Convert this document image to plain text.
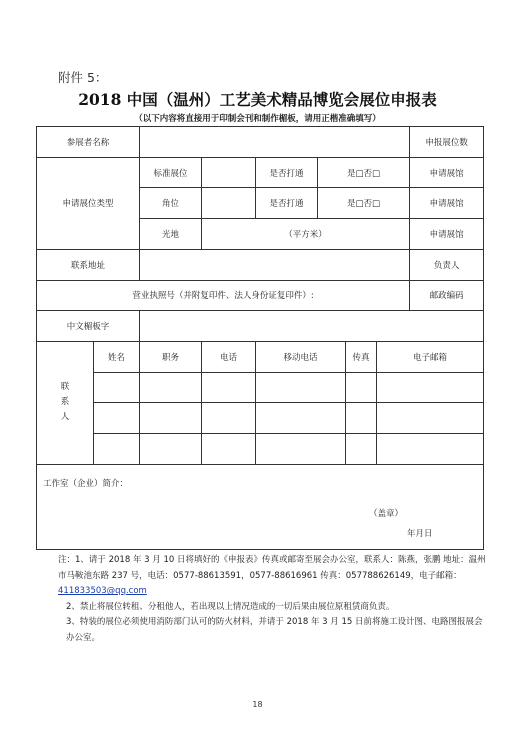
附件 5：
2018 中国（温州）工艺美术精品博览会展位申报表
（以下内容将直接用于印制会刊和制作楣板，请用正楷准确填写）
参展者名称								申报展位数
申请展位类型		标准展位		是否打通	是□否□			申请展馆
		角位		是否打通	是□否□			申请展馆
		光地	（平方米）					申请展馆
联系地址								负责人
营业执照号（并附复印件、法人身份证复印件）:								邮政编码
中文楣板字								

联
系
人	姓名	职务	电话	移动电话		传真	电子邮箱	

工作室（企业）简介：
（盖章）
年月日								

注：1、请于 2018 年 3 月 10 日将填好的《申报表》传真或邮寄至展会办公室，联系人：陈燕，张鹏 地址：温州市马鞍池东路 237 号，电话：0577-88613591，0577-88616961 传真：057788626149，电子邮箱：411833503@qq.com

2、禁止将展位转租、分租他人，若出现以上情况造成的一切后果由展位原租赁商负责。

3、特装的展位必须使用消防部门认可的防火材料，并请于 2018 年 3 月 15 日前将施工设计图、电路图报展会办公室。

18
